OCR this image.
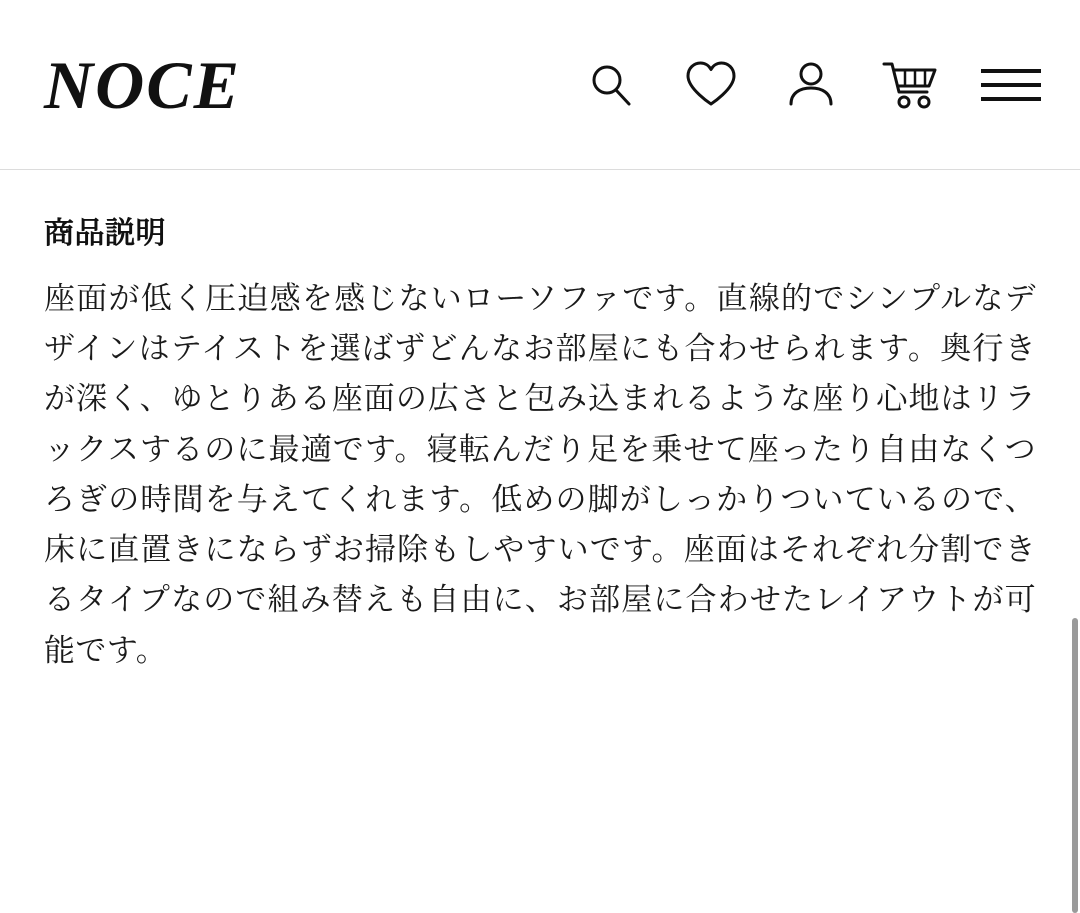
NOCE
商品説明

座面が低く圧迫感を感じないローソファです。直線的でシンプルなデザインはテイストを選ばずどんなお部屋にも合わせられます。奥行きが深く、ゆとりある座面の広さと包み込まれるような座り心地はリラックスするのに最適です。寝転んだり足を乗せて座ったり自由なくつろぎの時間を与えてくれます。低めの脚がしっかりついているので、床に直置きにならずお掃除もしやすいです。座面はそれぞれ分割できるタイプなので組み替えも自由に、お部屋に合わせたレイアウトが可能です。
